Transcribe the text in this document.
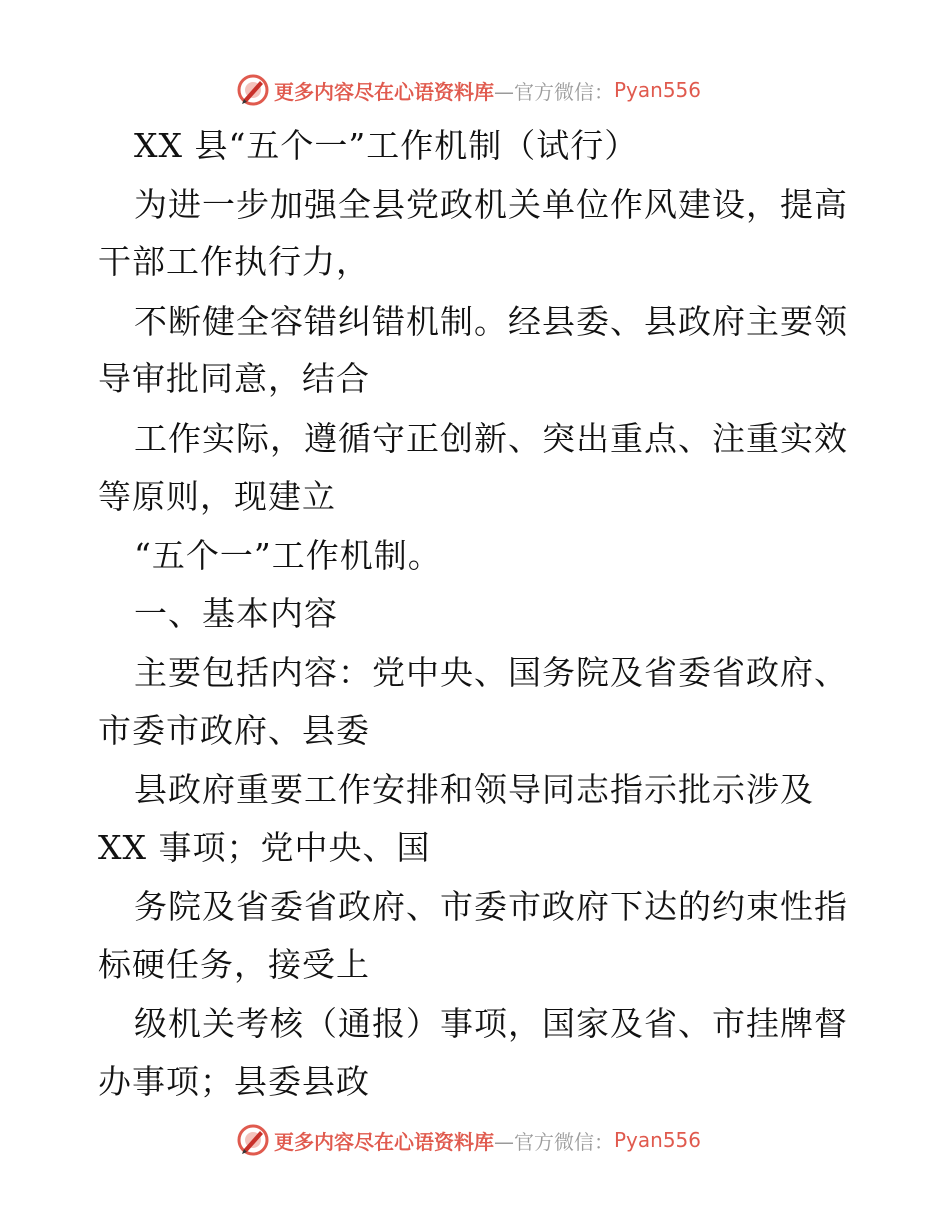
更多内容尽在心语资料库 —官方微信： Pyan556
XX 县“五个一”工作机制（试行）
为进一步加强全县党政机关单位作风建设，提高
干部工作执行力，
不断健全容错纠错机制。经县委、县政府主要领
导审批同意，结合
工作实际，遵循守正创新、突出重点、注重实效
等原则，现建立
“五个一”工作机制。
一、基本内容
主要包括内容：党中央、国务院及省委省政府、
市委市政府、县委
县政府重要工作安排和领导同志指示批示涉及
XX 事项；党中央、国
务院及省委省政府、市委市政府下达的约束性指
标硬任务，接受上
级机关考核（通报）事项，国家及省、市挂牌督
办事项；县委县政
更多内容尽在心语资料库 —官方微信： Pyan556
